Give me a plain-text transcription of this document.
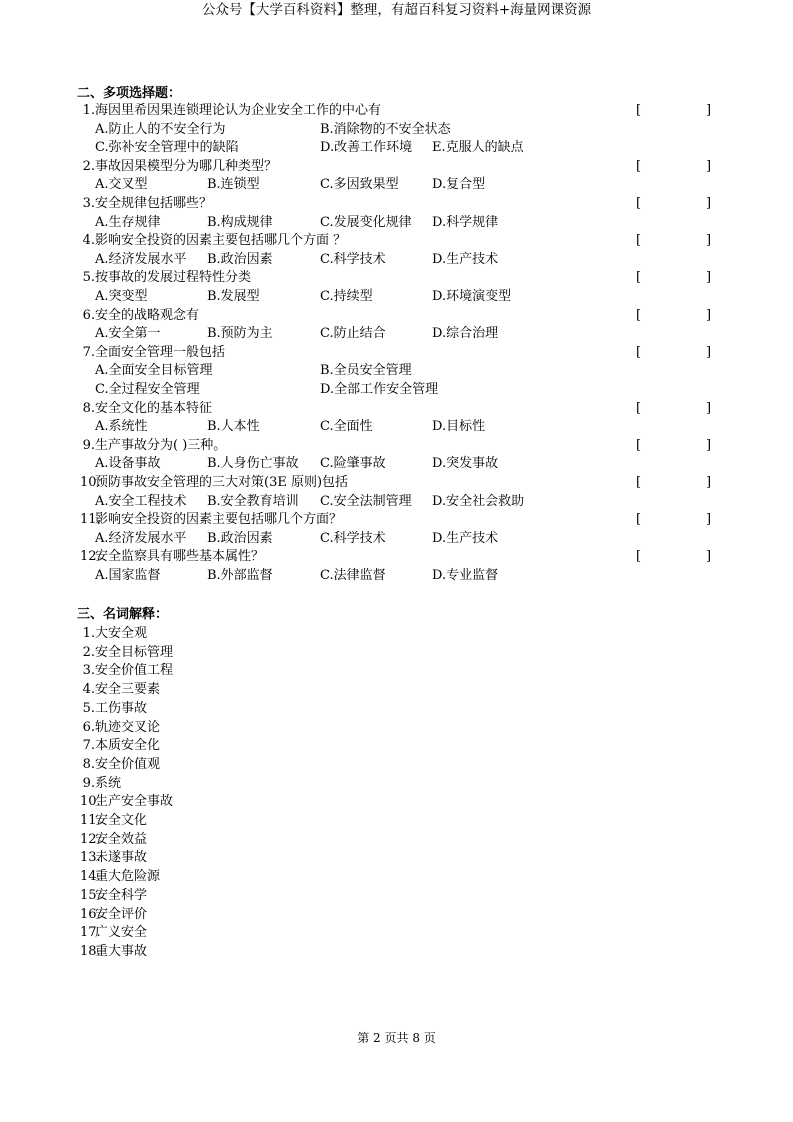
公众号【大学百科资料】整理，有超百科复习资料+海量网课资源
二、多项选择题：
1. 海因里希因果连锁理论认为企业安全工作的中心有	[	]
A.防止人的不安全行为	B.消除物的不安全状态
C.弥补安全管理中的缺陷	D.改善工作环境 E.克服人的缺点
2. 事故因果模型分为哪几种类型？	[	]
A.交叉型	B.连锁型	C.多因致果型	D.复合型
3. 安全规律包括哪些？	[	]
A.生存规律	B.构成规律	C.发展变化规律 D.科学规律
4. 影响安全投资的因素主要包括哪几个方面 ？	[	]
A.经济发展水平 B.政治因素	C.科学技术	D.生产技术
5. 按事故的发展过程特性分类	[	]
A.突变型	B.发展型	C.持续型	D.环境演变型
6. 安全的战略观念有	[	]
A.安全第一	B.预防为主	C.防止结合	D.综合治理
7. 全面安全管理一般包括	[	]
A.全面安全目标管理	B.全员安全管理
C.全过程安全管理	D.全部工作安全管理
8. 安全文化的基本特征	[	]
A.系统性	B.人本性	C.全面性	D.目标性
9. 生产事故分为( )三种。	[	]
A.设备事故	B.人身伤亡事故 C.险肇事故	D.突发事故
10.
预防事故安全管理的三大对策(3E 原则)包括	[	]
A.安全工程技术 B.安全教育培训 C.安全法制管理 D.安全社会救助
11.
影响安全投资的因素主要包括哪几个方面？	[	]
A.经济发展水平 B.政治因素	C.科学技术	D.生产技术
12.
安全监察具有哪些基本属性？	[	]
A.国家监督	B.外部监督	C.法律监督	D.专业监督
三、名词解释：
1. 大安全观
2. 安全目标管理
3. 安全价值工程
4. 安全三要素
5. 工伤事故
6. 轨迹交叉论
7. 本质安全化
8. 安全价值观
9. 系统
10.
生产安全事故
11.
安全文化
12.
安全效益
13.
未遂事故
14.
重大危险源
15.
安全科学
16.
安全评价
17.
广义安全
18.
重大事故
第 2 页共 8 页
